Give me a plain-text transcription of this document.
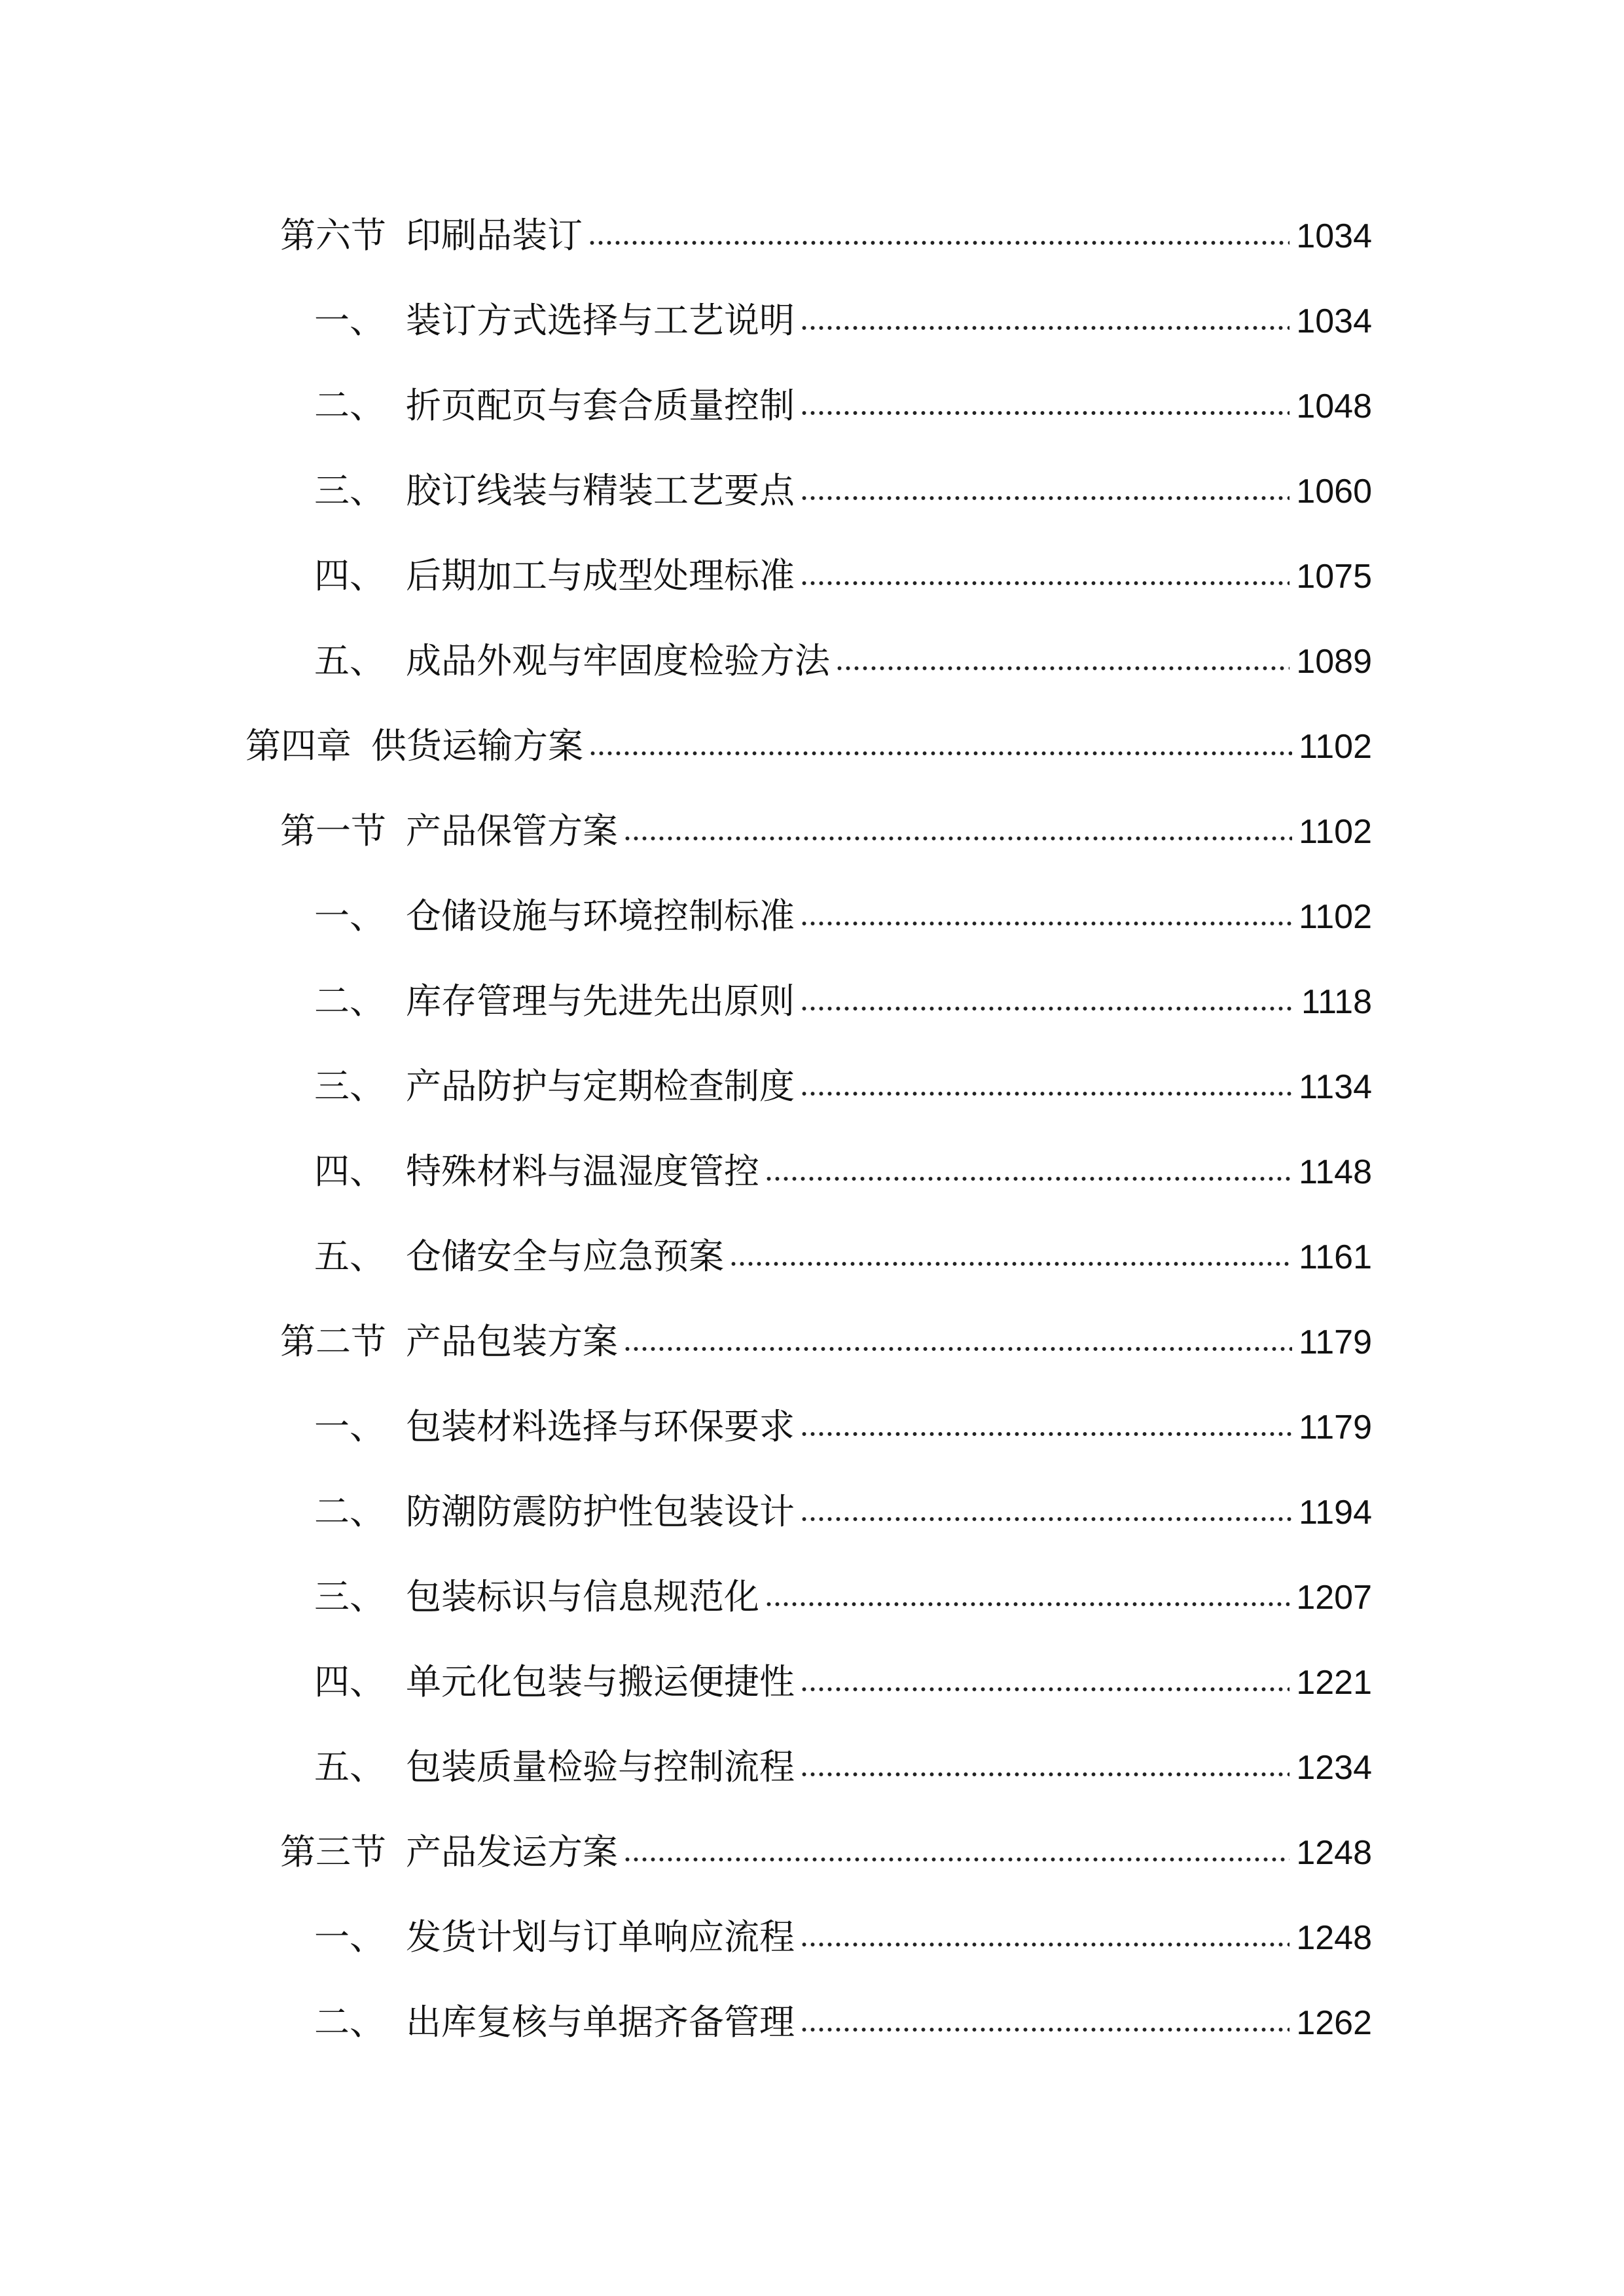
第六节 印刷品装订	1034
一、 装订方式选择与工艺说明	1034
二、 折页配页与套合质量控制	1048
三、 胶订线装与精装工艺要点	1060
四、 后期加工与成型处理标准	1075
五、 成品外观与牢固度检验方法	1089
第四章 供货运输方案	1102
第一节 产品保管方案	1102
一、 仓储设施与环境控制标准	1102
二、 库存管理与先进先出原则	1118
三、 产品防护与定期检查制度	1134
四、 特殊材料与温湿度管控	1148
五、 仓储安全与应急预案	1161
第二节 产品包装方案	1179
一、 包装材料选择与环保要求	1179
二、 防潮防震防护性包装设计	1194
三、 包装标识与信息规范化	1207
四、 单元化包装与搬运便捷性	1221
五、 包装质量检验与控制流程	1234
第三节 产品发运方案	1248
一、 发货计划与订单响应流程	1248
二、 出库复核与单据齐备管理	1262
